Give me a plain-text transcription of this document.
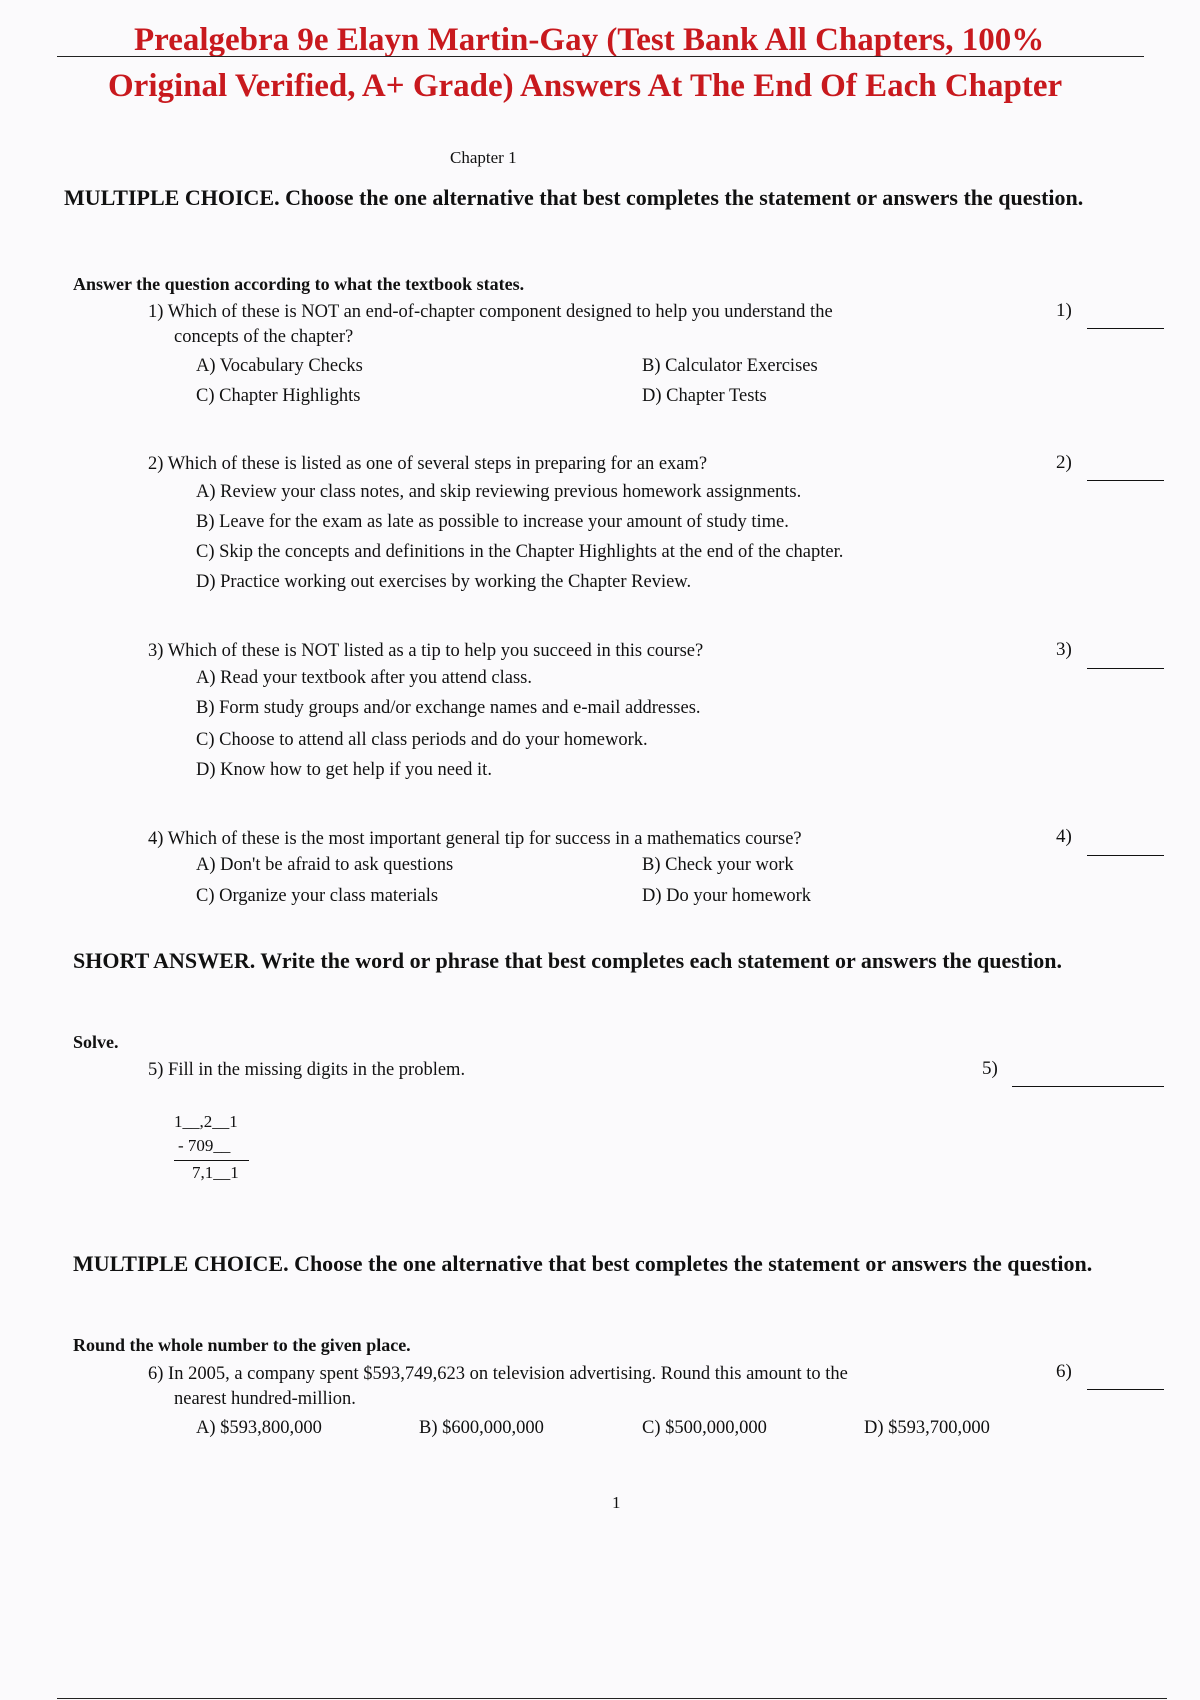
Prealgebra 9e Elayn Martin-Gay (Test Bank All Chapters, 100%
Original Verified, A+ Grade) Answers At The End Of Each Chapter
Chapter 1
MULTIPLE CHOICE. Choose the one alternative that best completes the statement or answers the question.
Answer the question according to what the textbook states.
1) Which of these is NOT an end-of-chapter component designed to help you understand the
concepts of the chapter?
1)
A) Vocabulary Checks	B) Calculator Exercises
C) Chapter Highlights	D) Chapter Tests
2) Which of these is listed as one of several steps in preparing for an exam?	2)
A) Review your class notes, and skip reviewing previous homework assignments.
B) Leave for the exam as late as possible to increase your amount of study time.
C) Skip the concepts and definitions in the Chapter Highlights at the end of the chapter.
D) Practice working out exercises by working the Chapter Review.
3) Which of these is NOT listed as a tip to help you succeed in this course?	3)
A) Read your textbook after you attend class.
B) Form study groups and/or exchange names and e-mail addresses.
C) Choose to attend all class periods and do your homework.
D) Know how to get help if you need it.
4) Which of these is the most important general tip for success in a mathematics course?	4)
A) Don't be afraid to ask questions	B) Check your work
C) Organize your class materials	D) Do your homework
SHORT ANSWER. Write the word or phrase that best completes each statement or answers the question.
Solve.
5) Fill in the missing digits in the problem.	5)
1__,2__1
- 709__
7,1__1
MULTIPLE CHOICE. Choose the one alternative that best completes the statement or answers the question.
Round the whole number to the given place.
6) In 2005, a company spent $593,749,623 on television advertising. Round this amount to the
nearest hundred-million.
6)
A) $593,800,000	B) $600,000,000	C) $500,000,000	D) $593,700,000
1
